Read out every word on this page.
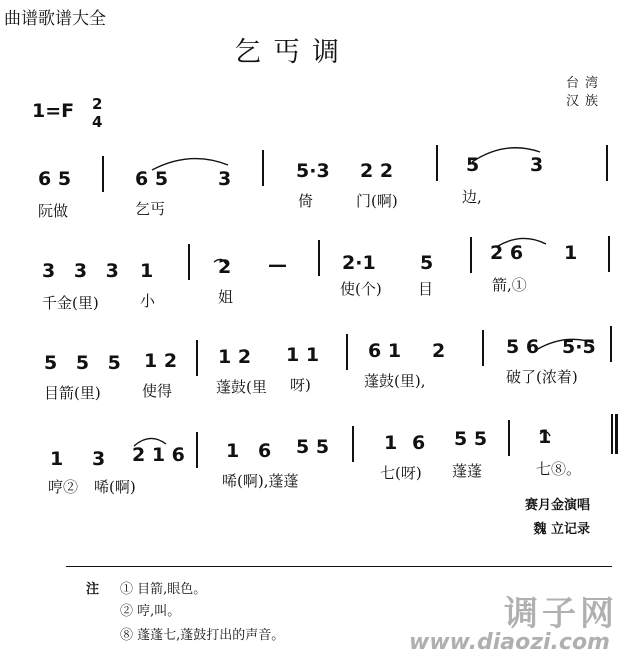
曲谱歌谱大全
乞丐调
台湾
汉族
1=F 2
4
6 5	6 5	3	5·3 2 2	5	3
阮做	乞丐	倚	门(啊)	边,
3 3 3 1	2 —	2·1 5	2 6 1
千金(里)	小	姐	使(个) 目	箭,①
5 5 5 1 2 1 2 1 1	6 1 2	5 6 5·5
目箭(里)	使得	蓬鼓(里 呀)	蓬鼓(里),	破了(浓着)
1 3 2 1 6 1 6 5 5	1 6 5 5	1
哼② 唏(啊)	唏(啊),蓬蓬	七(呀) 蓬蓬	七⑧。
赛月金演唱
魏 立记录
注 ① 目箭,眼色。
② 哼,叫。
⑧ 蓬蓬七,蓬鼓打出的声音。
调子网
www.diaozi.com
